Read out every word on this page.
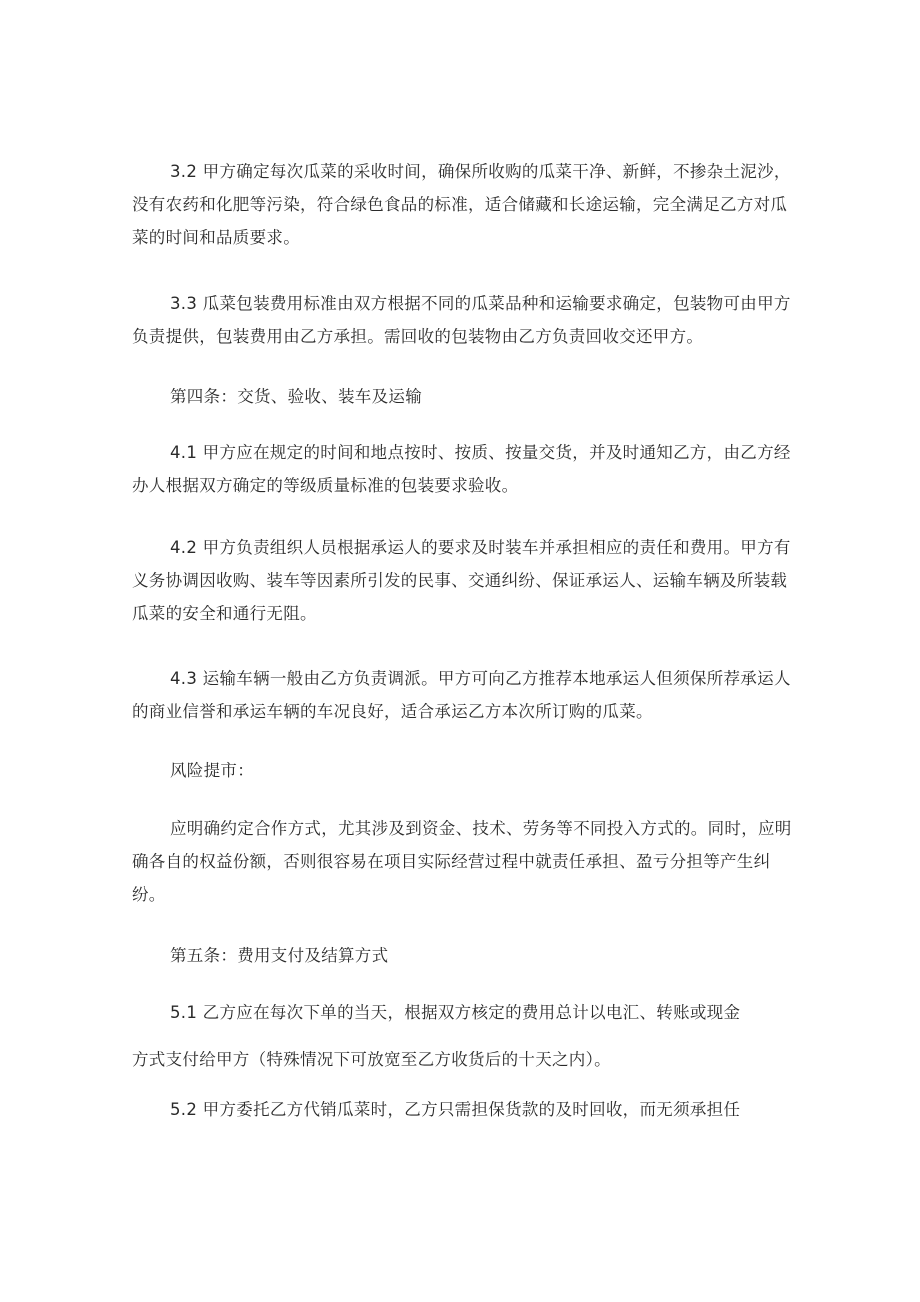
3.2 甲方确定每次瓜菜的采收时间，确保所收购的瓜菜干净、新鲜，不掺杂土泥沙，没有农药和化肥等污染，符合绿色食品的标准，适合储藏和长途运输，完全满足乙方对瓜菜的时间和品质要求。

3.3 瓜菜包装费用标准由双方根据不同的瓜菜品种和运输要求确定，包装物可由甲方负责提供，包装费用由乙方承担。需回收的包装物由乙方负责回收交还甲方。

第四条：交货、验收、装车及运输

4.1 甲方应在规定的时间和地点按时、按质、按量交货，并及时通知乙方，由乙方经办人根据双方确定的等级质量标准的包装要求验收。

4.2 甲方负责组织人员根据承运人的要求及时装车并承担相应的责任和费用。甲方有义务协调因收购、装车等因素所引发的民事、交通纠纷、保证承运人、运输车辆及所装载瓜菜的安全和通行无阻。

4.3 运输车辆一般由乙方负责调派。甲方可向乙方推荐本地承运人但须保所荐承运人的商业信誉和承运车辆的车况良好，适合承运乙方本次所订购的瓜菜。

风险提市：

应明确约定合作方式，尤其涉及到资金、技术、劳务等不同投入方式的。同时，应明确各自的权益份额，否则很容易在项目实际经营过程中就责任承担、盈亏分担等产生纠纷。

第五条：费用支付及结算方式

5.1 乙方应在每次下单的当天，根据双方核定的费用总计以电汇、转账或现金

方式支付给甲方（特殊情况下可放宽至乙方收货后的十天之内）。

5.2 甲方委托乙方代销瓜菜时，乙方只需担保货款的及时回收，而无须承担任
